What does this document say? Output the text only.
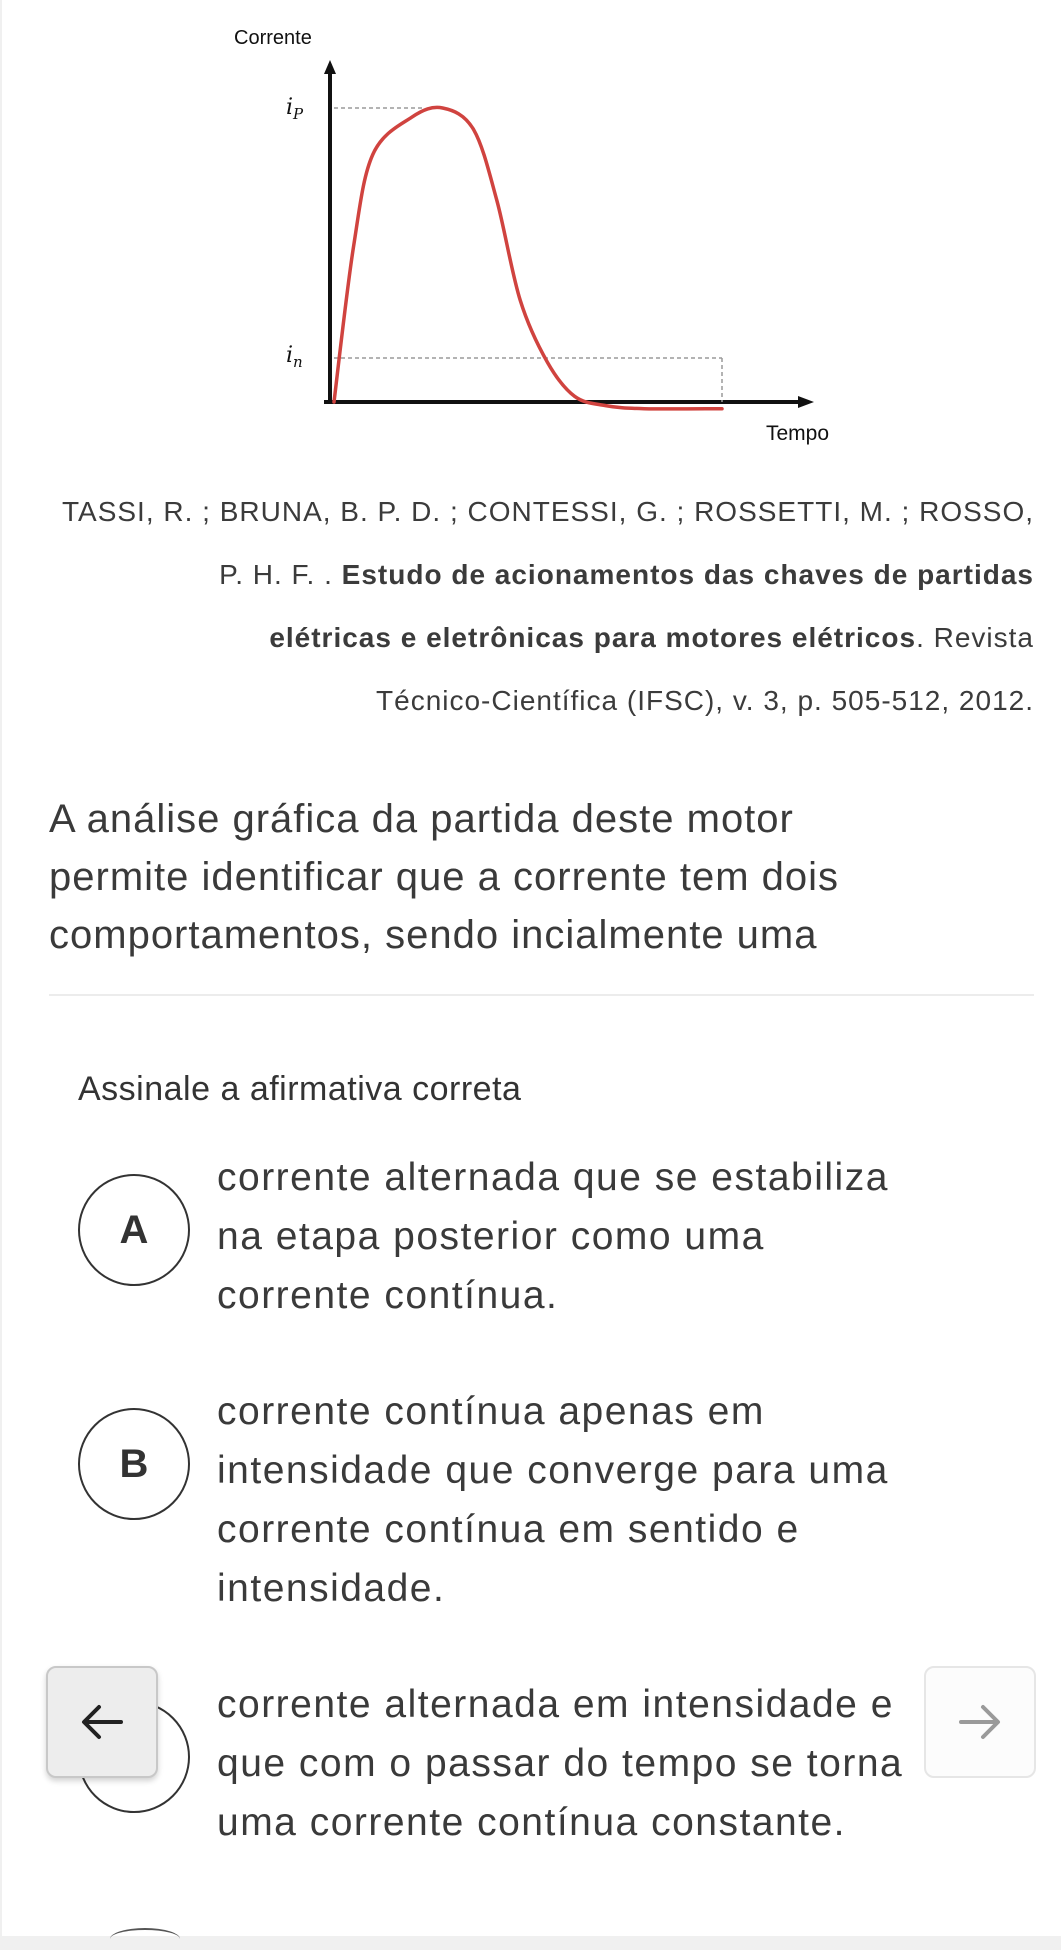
Corrente
Tempo
$i_P$
$i_n$
TASSI, R. ; BRUNA, B. P. D. ; CONTESSI, G. ; ROSSETTI, M. ; ROSSO,
P. H. F. . Estudo de acionamentos das chaves de partidas
elétricas e eletrônicas para motores elétricos. Revista
Técnico-Científica (IFSC), v. 3, p. 505-512, 2012.
A análise gráfica da partida deste motor
permite identificar que a corrente tem dois
comportamentos, sendo incialmente uma
Assinale a afirmativa correta
A
corrente alternada que se estabiliza
na etapa posterior como uma
corrente contínua.
B
corrente contínua apenas em
intensidade que converge para uma
corrente contínua em sentido e
intensidade.
corrente alternada em intensidade e
que com o passar do tempo se torna
uma corrente contínua constante.
